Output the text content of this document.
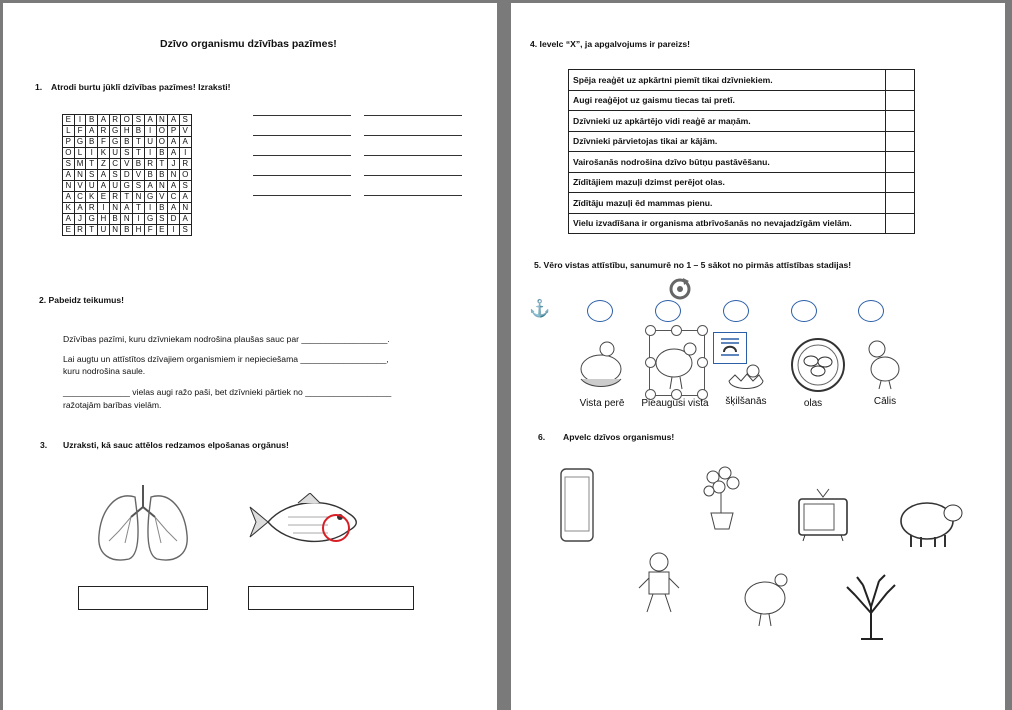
Dzīvo organismu dzīvības pazīmes!
1. Atrodi burtu jūklī dzīvības pazīmes! Izraksti!
E	I	B	A	R	O	S	A	N	A	S
L	F	A	R	G	H	B	I	O	P	V
P	G	B	F	G	B	T	U	O	A	A
O	L	I	K	U	S	T	I	B	A	I
S	M	T	Z	C	V	B	R	T	J	R
A	N	S	A	S	D	V	B	B	N	O
N	V	U	A	U	G	S	A	N	A	S
A	C	K	E	R	T	N	G	V	C	A
K	A	R	I	N	A	T	I	B	A	N
A	J	G	H	B	N	I	G	S	D	A
E	R	T	U	N	B	H	F	E	I	S
2. Pabeidz teikumus!
Dzīvības pazīmi, kuru dzīvniekam nodrošina plaušas sauc par __________________.
Lai augtu un attīstītos dzīvajiem organismiem ir nepieciešama __________________,
kuru nodrošina saule.
______________ vielas augi ražo paši, bet dzīvnieki pārtiek no __________________
ražotajām barības vielām.
3. Uzraksti, kā sauc attēlos redzamos elpošanas orgānus!
4. Ievelc “X”, ja apgalvojums ir pareizs!
Spēja reaģēt uz apkārtni piemīt tikai dzīvniekiem.	
Augi reaģējot uz gaismu tiecas tai pretī.	
Dzīvnieki uz apkārtējo vidi reaģē ar maņām.	
Dzīvnieki pārvietojas tikai ar kājām.	
Vairošanās nodrošina dzīvo būtņu pastāvēšanu.	
Zīdītājiem mazuļi dzimst perējot olas.	
Zīdītāju mazuļi ēd mammas pienu.	
Vielu izvadīšana ir organisma atbrīvošanās no nevajadzīgām vielām.	
5. Vēro vistas attīstību, sanumurē no 1 – 5 sākot no pirmās attīstības stadijas!
⚓
Vista perē	Pieaugusi vista	šķilšanās	olas	Cālis
6. Apvelc dzīvos organismus!
